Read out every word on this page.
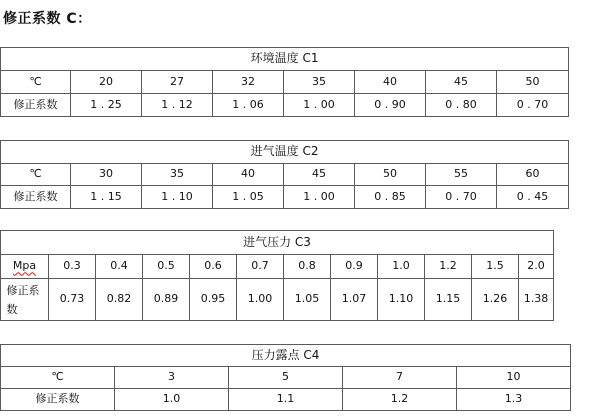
修正系数 C：
环境温度 C1							
℃	20	27	32	35	40	45	50
修正系数	1 . 25	1 . 12	1 . 06	1 . 00	0 . 90	0 . 80	0 . 70
进气温度 C2							
℃	30	35	40	45	50	55	60
修正系数	1 . 15	1 . 10	1 . 05	1 . 00	0 . 85	0 . 70	0 . 45
进气压力 C3											
Mpa	0.3	0.4	0.5	0.6	0.7	0.8	0.9	1.0	1.2	1.5	2.0

修正系数	0.73	0.82	0.89	0.95	1.00	1.05	1.07	1.10	1.15	1.26	1.38
压力露点 C4				
℃	3	5	7	10
修正系数	1.0	1.1	1.2	1.3
